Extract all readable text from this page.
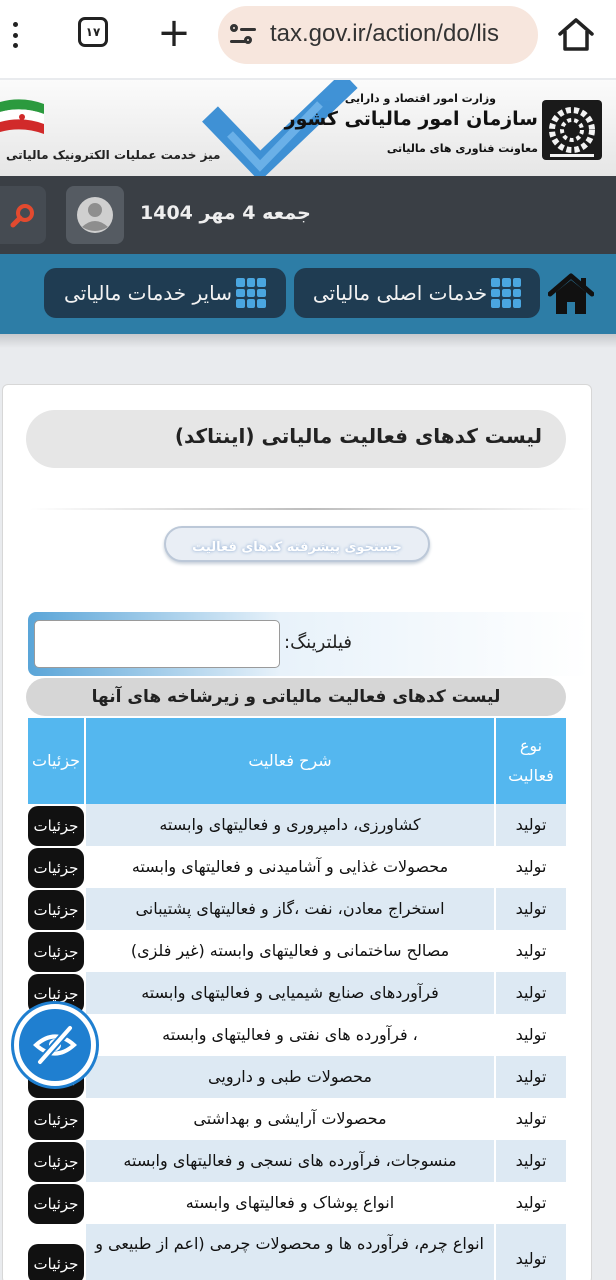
۱۷ +	tax.gov.ir/action/do/lis
وزارت امور اقتصاد و دارایی
سازمان امور مالیاتی کشور
معاونت فناوری های مالیاتی
میز خدمت عملیات الکترونیک مالیاتی
جمعه 4 مهر 1404
خدمات اصلی مالیاتی
سایر خدمات مالیاتی
لیست کدهای فعالیت مالیاتی (اینتاکد)
جستجوی پیشرفته کدهای فعالیت
فیلترینگ:
لیست کدهای فعالیت مالیاتی و زیرشاخه های آنها
نوع فعالیت
شرح فعالیت
جزئیات
تولید
کشاورزی، دامپروری و فعالیتهای وابسته
جزئیات
تولید
محصولات غذایی و آشامیدنی و فعالیتهای وابسته
جزئیات
تولید
استخراج معادن، نفت ،گاز و فعالیتهای پشتیبانی
جزئیات
تولید
مصالح ساختمانی و فعالیتهای وابسته (غیر فلزی)
جزئیات
تولید
فرآوردهای صنایع شیمیایی و فعالیتهای وابسته
جزئیات
تولید
، فرآورده های نفتی و فعالیتهای وابسته
تولید
محصولات طبی و دارویی
تولید
محصولات آرایشی و بهداشتی
جزئیات
تولید
منسوجات، فرآورده های نسجی و فعالیتهای وابسته
جزئیات
تولید
انواع پوشاک و فعالیتهای وابسته
جزئیات
تولید
انواع چرم، فرآورده ها و محصولات چرمی (اعم از طبیعی و
جزئیات
